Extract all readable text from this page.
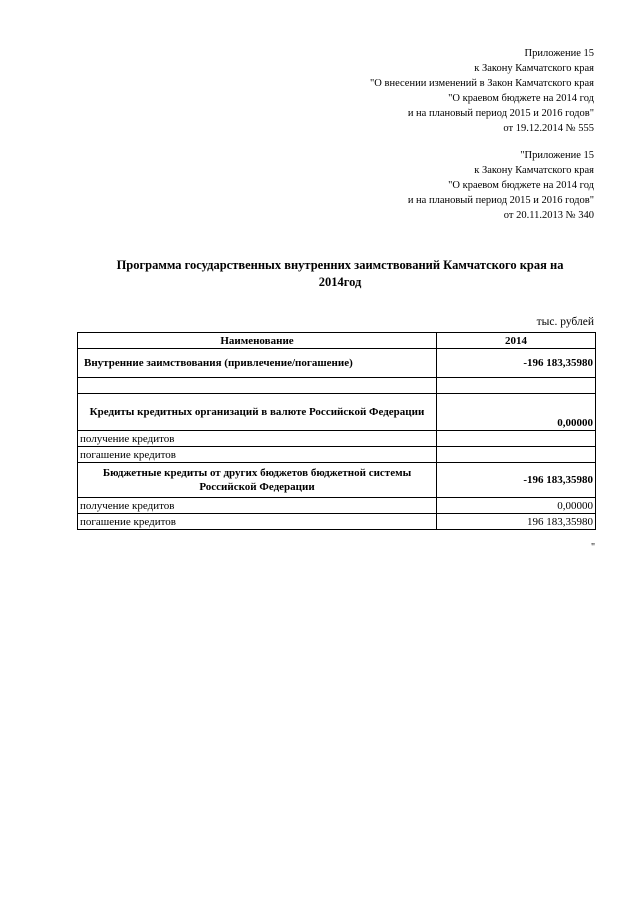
Приложение 15
к Закону Камчатского края
"О внесении изменений в Закон Камчатского края
"О краевом бюджете на 2014 год
и на плановый период 2015 и 2016 годов"
от 19.12.2014 № 555
"Приложение 15
к Закону Камчатского края
"О краевом бюджете на 2014 год
и на плановый период 2015 и 2016 годов"
от 20.11.2013 № 340
Программа государственных внутренних заимствований Камчатского края на
2014год
тыс. рублей
Наименование	2014
Внутренние заимствования (привлечение/погашение)	-196 183,35980

Кредиты кредитных организаций в валюте Российской Федерации	0,00000
получение кредитов	
погашение кредитов	
Бюджетные кредиты от других бюджетов бюджетной системы Российской Федерации	-196 183,35980
получение кредитов	0,00000
погашение кредитов	196 183,35980
"
